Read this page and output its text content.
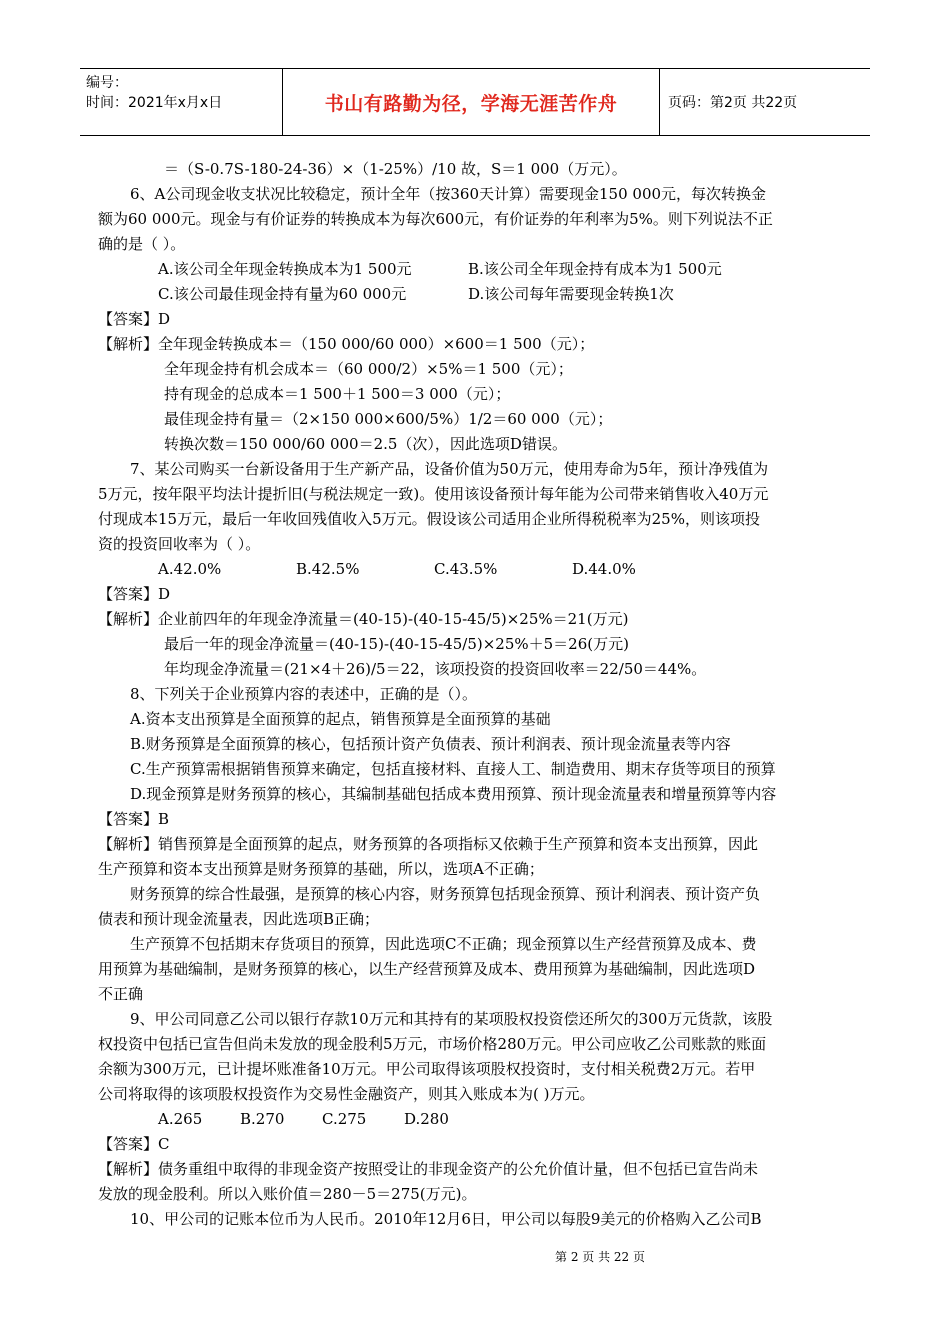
编号：
时间：2021年x月x日	书山有路勤为径，学海无涯苦作舟	页码：第2页 共22页
＝（S-0.7S-180-24-36）×（1-25%）/10 故，S＝1 000（万元）。
6、A公司现金收支状况比较稳定，预计全年（按360天计算）需要现金150 000元，每次转换金
额为60 000元。现金与有价证券的转换成本为每次600元，有价证券的年利率为5%。则下列说法不正
确的是（ ）。
A.该公司全年现金转换成本为1 500元	B.该公司全年现金持有成本为1 500元
C.该公司最佳现金持有量为60 000元	D.该公司每年需要现金转换1次
【答案】D
【解析】全年现金转换成本＝（150 000/60 000）×600＝1 500（元）；
全年现金持有机会成本＝（60 000/2）×5%＝1 500（元）；
持有现金的总成本＝1 500＋1 500＝3 000（元）；
最佳现金持有量＝（2×150 000×600/5%）1/2＝60 000（元）；
转换次数＝150 000/60 000＝2.5（次），因此选项D错误。
7、某公司购买一台新设备用于生产新产品，设备价值为50万元，使用寿命为5年，预计净残值为
5万元，按年限平均法计提折旧(与税法规定一致)。使用该设备预计每年能为公司带来销售收入40万元
付现成本15万元，最后一年收回残值收入5万元。假设该公司适用企业所得税税率为25%，则该项投
资的投资回收率为（ ）。
A.42.0%	B.42.5%	C.43.5%	D.44.0%
【答案】D
【解析】企业前四年的年现金净流量＝(40-15)-(40-15-45/5)×25%＝21(万元)
最后一年的现金净流量＝(40-15)-(40-15-45/5)×25%＋5＝26(万元)
年均现金净流量＝(21×4＋26)/5＝22，该项投资的投资回收率＝22/50＝44%。
8、下列关于企业预算内容的表述中，正确的是（）。
A.资本支出预算是全面预算的起点，销售预算是全面预算的基础
B.财务预算是全面预算的核心，包括预计资产负债表、预计利润表、预计现金流量表等内容
C.生产预算需根据销售预算来确定，包括直接材料、直接人工、制造费用、期末存货等项目的预算
D.现金预算是财务预算的核心，其编制基础包括成本费用预算、预计现金流量表和增量预算等内容
【答案】B
【解析】销售预算是全面预算的起点，财务预算的各项指标又依赖于生产预算和资本支出预算，因此
生产预算和资本支出预算是财务预算的基础，所以，选项A不正确；
财务预算的综合性最强，是预算的核心内容，财务预算包括现金预算、预计利润表、预计资产负
债表和预计现金流量表，因此选项B正确；
生产预算不包括期末存货项目的预算，因此选项C不正确；现金预算以生产经营预算及成本、费
用预算为基础编制，是财务预算的核心，以生产经营预算及成本、费用预算为基础编制，因此选项D
不正确
9、甲公司同意乙公司以银行存款10万元和其持有的某项股权投资偿还所欠的300万元货款，该股
权投资中包括已宣告但尚未发放的现金股利5万元，市场价格280万元。甲公司应收乙公司账款的账面
余额为300万元，已计提坏账准备10万元。甲公司取得该项股权投资时，支付相关税费2万元。若甲
公司将取得的该项股权投资作为交易性金融资产，则其入账成本为( )万元。
A.265	B.270	C.275	D.280
【答案】C
【解析】债务重组中取得的非现金资产按照受让的非现金资产的公允价值计量，但不包括已宣告尚未
发放的现金股利。所以入账价值＝280－5＝275(万元)。
10、甲公司的记账本位币为人民币。2010年12月6日，甲公司以每股9美元的价格购入乙公司B
第 2 页 共 22 页
